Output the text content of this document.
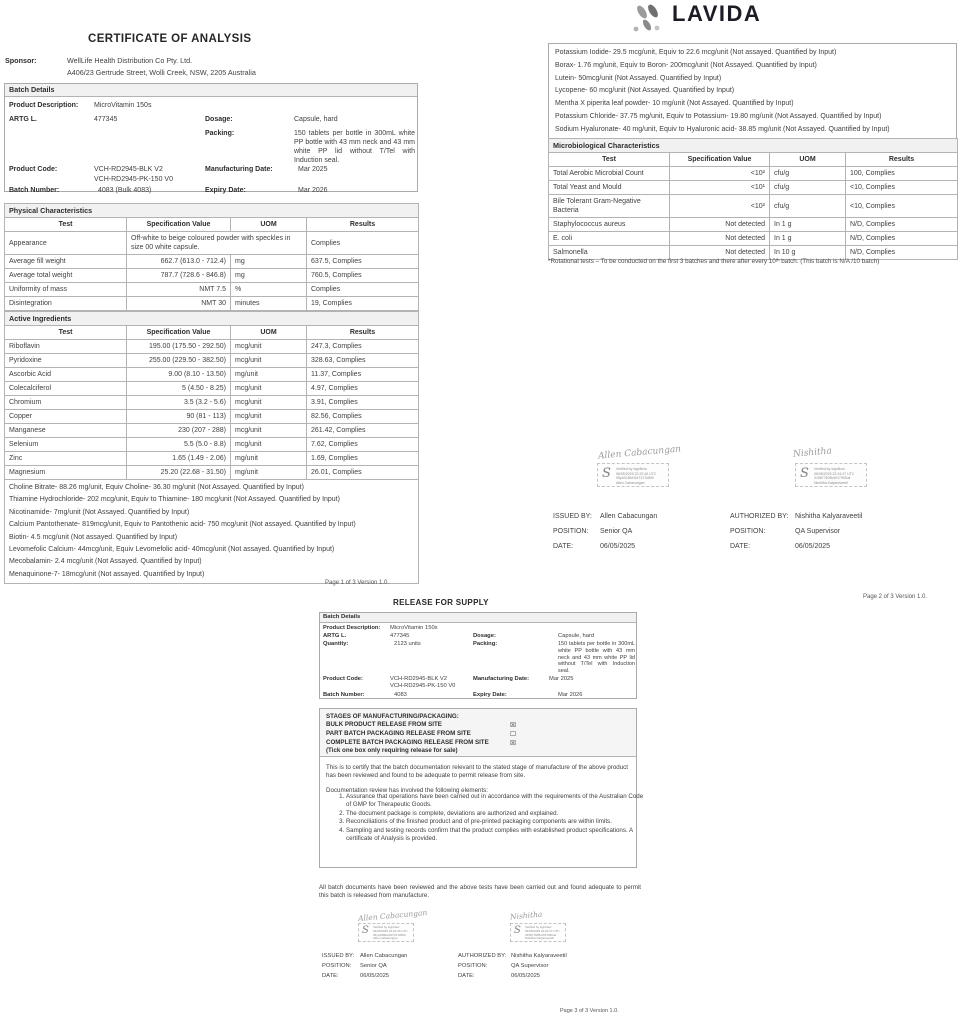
CERTIFICATE OF ANALYSIS
Sponsor:	WellLife Health Distribution Co Pty. Ltd.
A406/23 Gertrude Street, Wolli Creek, NSW, 2205 Australia
Batch Details
Product Description: MicroVitamin 150s
ARTG L.	477345	Dosage:	Capsule, hard
Packing:	150 tablets per bottle in 300mL white PP bottle with 43 mm neck and 43 mm white PP lid without T/Tel with Induction seal.
Product Code:	VCH-RD2945-BLK V2
VCH-RD2945-PK-150 V0
Manufacturing Date:	Mar 2025
Batch Number:	4083 (Bulk 4083)	Expiry Date:	Mar 2026
Physical Characteristics			
Test	Specification Value	UOM	Results
Appearance	Off-white to beige coloured powder with speckles in size 00 white capsule.		Complies
Average fill weight	662.7 (613.0 - 712.4)	mg	637.5, Complies
Average total weight	787.7 (728.6 - 846.8)	mg	760.5, Complies
Uniformity of mass	NMT 7.5	%	Complies
Disintegration	NMT 30	minutes	19, Complies
Active Ingredients			
Test	Specification Value	UOM	Results
Riboflavin	195.00 (175.50 - 292.50)	mcg/unit	247.3, Complies
Pyridoxine	255.00 (229.50 - 382.50)	mcg/unit	328.63, Complies
Ascorbic Acid	9.00 (8.10 - 13.50)	mg/unit	11.37, Complies
Colecalciferol	5 (4.50 - 8.25)	mcg/unit	4.97, Complies
Chromium	3.5 (3.2 - 5.6)	mcg/unit	3.91, Complies
Copper	90 (81 - 113)	mcg/unit	82.56, Complies
Manganese	230 (207 - 288)	mcg/unit	261.42, Complies
Selenium	5.5 (5.0 - 8.8)	mcg/unit	7.62, Complies
Zinc	1.65 (1.49 - 2.06)	mg/unit	1.69, Complies
Magnesium	25.20 (22.68 - 31.50)	mg/unit	26.01, Complies

Choline Bitrate- 88.26 mg/unit, Equiv Choline- 36.30 mg/unit (Not Assayed. Quantified by Input)
Thiamine Hydrochloride- 202 mcg/unit, Equiv to Thiamine- 180 mcg/unit (Not Assayed. Quantified by Input)
Nicotinamide- 7mg/unit (Not Assayed. Quantified by Input)
Calcium Pantothenate- 819mcg/unit, Equiv to Pantothenic acid- 750 mcg/unit (Not assayed. Quantified by Input)
Biotin- 4.5 mcg/unit (Not assayed. Quantified by Input)
Levomefolic Calcium- 44mcg/unit, Equiv Levomefolic acid- 40mcg/unit (Not assayed. Quantified by Input)
Mecobalamin- 2.4 mcg/unit (Not Assayed. Quantified by Input)
Menaquinone-7- 18mcg/unit (Not assayed. Quantified by Input)
Page 1 of 3 Version 1.0.
LAVIDA
Potassium Iodide- 29.5 mcg/unit, Equiv to 22.6 mcg/unit (Not assayed. Quantified by Input)
Borax- 1.76 mg/unit, Equiv to Boron- 200mcg/unit (Not Assayed. Quantified by Input)
Lutein- 50mcg/unit (Not Assayed. Quantified by Input)
Lycopene- 60 mcg/unit (Not Assayed. Quantified by Input)
Mentha X piperita leaf powder- 10 mg/unit (Not Assayed. Quantified by Input)
Potassium Chloride- 37.75 mg/unit, Equiv to Potassium- 19.80 mg/unit (Not Assayed. Quantified by Input)
Sodium Hyaluronate- 40 mg/unit, Equiv to Hyaluronic acid- 38.85 mg/unit (Not Assayed. Quantified by Input)
Microbiological Characteristics			
Test	Specification Value	UOM	Results
Total Aerobic Microbial Count	<10²	cfu/g	100, Complies
Total Yeast and Mould	<10¹	cfu/g	<10, Complies
Bile Tolerant Gram-Negative Bacteria	<10²	cfu/g	<10, Complies
Staphylococcus aureus	Not detected	In 1 g	N/D, Complies
E. coli	Not detected	In 1 g	N/D, Complies
Salmonella	Not detected	In 10 g	N/D, Complies
*Rotational tests – To be conducted on the first 3 batches and there after every 10ᵗʰ batch. (This batch is N/A /10 batch)
Allen Cabacungan
S Verified by signNow
06/05/2025 22:22:49 UTC
95yA01BkH34T217k890
Allen Cabacungan
ISSUED BY: Allen Cabacungan
POSITION: Senior QA
DATE:	06/05/2025
Nishitha
S Verified by signNow
06/05/2025 22:24:27 UTC
31587760BvW1799Gaf
Nishitha Kalyaraveetil
AUTHORIZED BY: Nishitha Kalyaraveetil
POSITION:	QA Supervisor
DATE:	06/05/2025
Page 2 of 3 Version 1.0.
RELEASE FOR SUPPLY
Batch Details
Product Description: MicroVitamin 150s
ARTG L.	477345	Dosage:	Capsule, hard
Quantity:	2123 units	Packing:	150 tablets per bottle in 300mL white PP bottle with 43 mm neck and 43 mm white PP lid without T/Tel with Induction seal.
Product Code:	VCH-RD2945-BLK V2
VCH-RD2945-PK-150 V0
Manufacturing Date:	Mar 2025
Batch Number:	4083	Expiry Date:	Mar 2026
STAGES OF MANUFACTURING/PACKAGING:
BULK PRODUCT RELEASE FROM SITE	☒
PART BATCH PACKAGING RELEASE FROM SITE	☐
COMPLETE BATCH PACKAGING RELEASE FROM SITE	☒
(Tick one box only requiring release for sale)
This is to certify that the batch documentation relevant to the stated stage of manufacture of the above product has been reviewed and found to be adequate to permit release from site.
Documentation review has involved the following elements:
1. Assurance that operations have been carried out in accordance with the requirements of the Australian Code of GMP for Therapeutic Goods.
2. The document package is complete, deviations are authorized and explained.
3. Reconciliations of the finished product and of pre-printed packaging components are within limits.
4. Sampling and testing records confirm that the product complies with established product specifications. A certificate of Analysis is provided.
All batch documents have been reviewed and the above tests have been carried out and found adequate to permit this batch is released from manufacture.
Allen Cabacungan
S Verified by signNow
06/05/2025 22:22:49 UTC
95yA01BkH34T217k890
Allen Cabacungan
ISSUED BY: Allen Cabacungan
POSITION: Senior QA
DATE:	06/05/2025
Nishitha
S Verified by signNow
06/05/2025 22:24:27 UTC
31587760BvW1799Gaf
Nishitha Kalyaraveetil
AUTHORIZED BY: Nishitha Kalyaraveetil
POSITION:	QA Supervisor
DATE:	06/05/2025
Page 3 of 3 Version 1.0.
